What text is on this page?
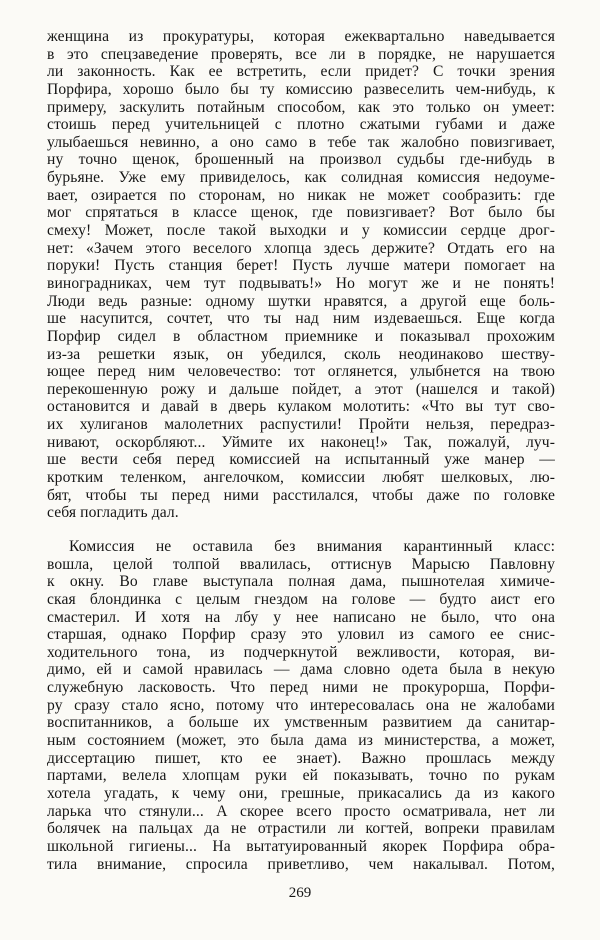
женщина из прокуратуры, которая ежеквартально наведывается
в это спецзаведение проверять, все ли в порядке, не нарушается
ли законность. Как ее встретить, если придет? С точки зрения
Порфира, хорошо было бы ту комиссию развеселить чем-нибудь, к
примеру, заскулить потайным способом, как это только он умеет:
стоишь перед учительницей с плотно сжатыми губами и даже
улыбаешься невинно, а оно само в тебе так жалобно повизгивает,
ну точно щенок, брошенный на произвол судьбы где-нибудь в
бурьяне. Уже ему привиделось, как солидная комиссия недоуме-
вает, озирается по сторонам, но никак не может сообразить: где
мог спрятаться в классе щенок, где повизгивает? Вот было бы
смеху! Может, после такой выходки и у комиссии сердце дрог-
нет: «Зачем этого веселого хлопца здесь держите? Отдать его на
поруки! Пусть станция берет! Пусть лучше матери помогает на
виноградниках, чем тут подвывать!» Но могут же и не понять!
Люди ведь разные: одному шутки нравятся, а другой еще боль-
ше насупится, сочтет, что ты над ним издеваешься. Еще когда
Порфир сидел в областном приемнике и показывал прохожим
из-за решетки язык, он убедился, сколь неодинаково шеству-
ющее перед ним человечество: тот оглянется, улыбнется на твою
перекошенную рожу и дальше пойдет, а этот (нашелся и такой)
остановится и давай в дверь кулаком молотить: «Что вы тут сво-
их хулиганов малолетних распустили! Пройти нельзя, передраз-
нивают, оскорбляют... Уймите их наконец!» Так, пожалуй, луч-
ше вести себя перед комиссией на испытанный уже манер —
кротким теленком, ангелочком, комиссии любят шелковых, лю-
бят, чтобы ты перед ними расстилался, чтобы даже по головке
себя погладить дал.
Комиссия не оставила без внимания карантинный класс:
вошла, целой толпой ввалилась, оттиснув Марысю Павловну
к окну. Во главе выступала полная дама, пышнотелая химиче-
ская блондинка с целым гнездом на голове — будто аист его
смастерил. И хотя на лбу у нее написано не было, что она
старшая, однако Порфир сразу это уловил из самого ее снис-
ходительного тона, из подчеркнутой вежливости, которая, ви-
димо, ей и самой нравилась — дама словно одета была в некую
служебную ласковость. Что перед ними не прокурорша, Порфи-
ру сразу стало ясно, потому что интересовалась она не жалобами
воспитанников, а больше их умственным развитием да санитар-
ным состоянием (может, это была дама из министерства, а может,
диссертацию пишет, кто ее знает). Важно прошлась между
партами, велела хлопцам руки ей показывать, точно по рукам
хотела угадать, к чему они, грешные, прикасались да из какого
ларька что стянули... А скорее всего просто осматривала, нет ли
болячек на пальцах да не отрастили ли когтей, вопреки правилам
школьной гигиены... На вытатуированный якорек Порфира обра-
тила внимание, спросила приветливо, чем накалывал. Потом,
269
